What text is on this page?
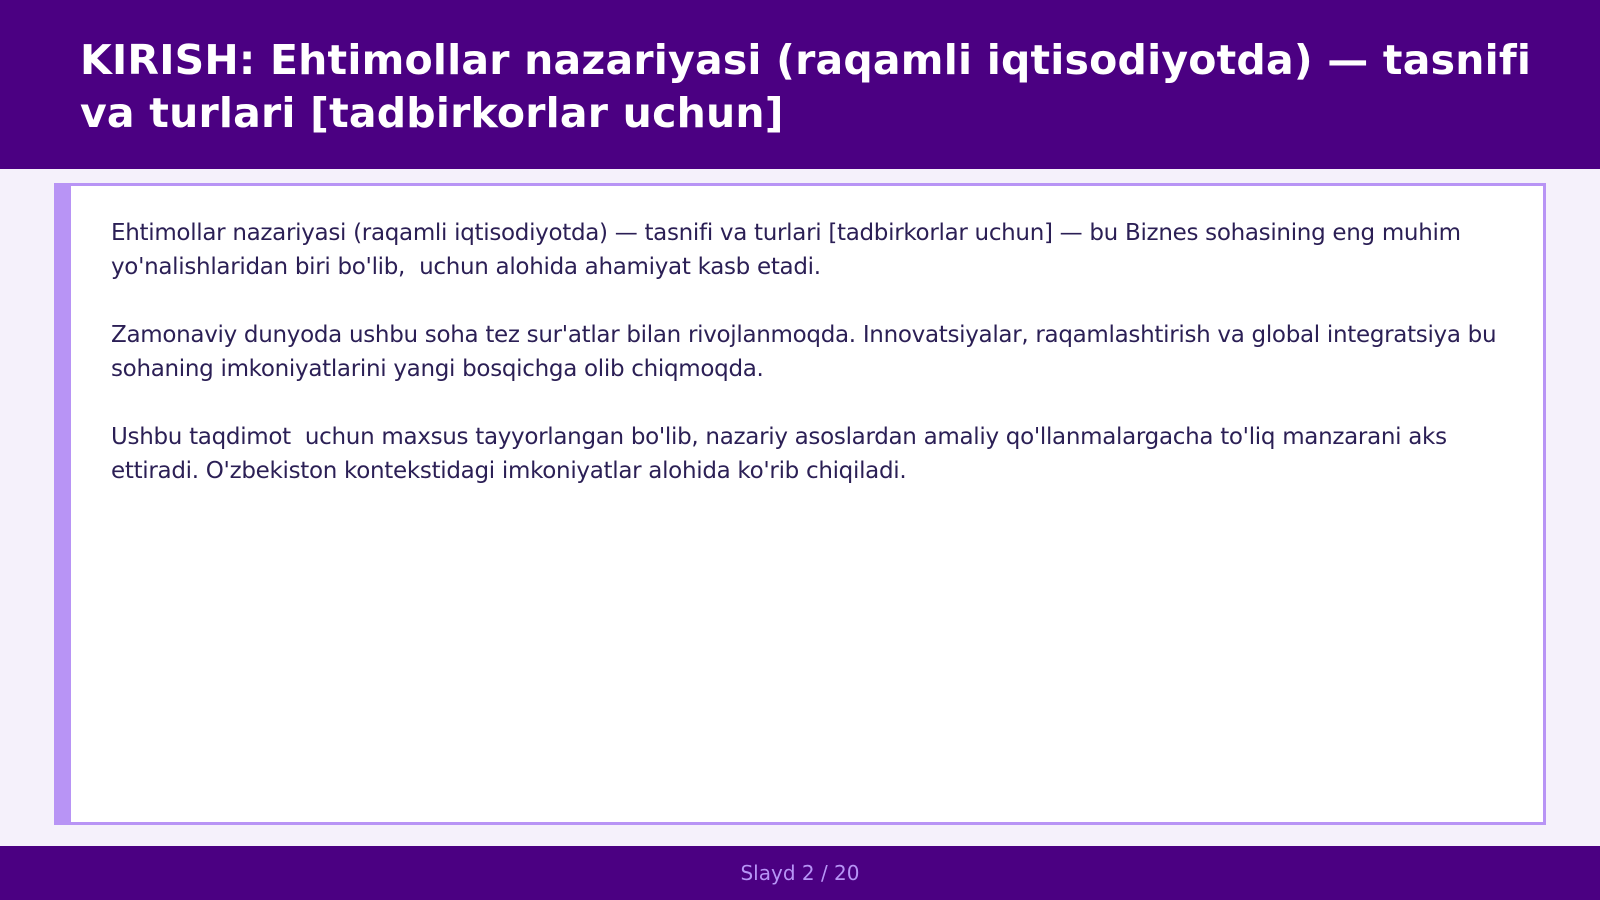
KIRISH: Ehtimollar nazariyasi (raqamli iqtisodiyotda) — tasnifi va turlari [tadbirkorlar uchun]

Ehtimollar nazariyasi (raqamli iqtisodiyotda) — tasnifi va turlari [tadbirkorlar uchun] — bu Biznes sohasining eng muhim yo'nalishlaridan biri bo'lib,  uchun alohida ahamiyat kasb etadi.

Zamonaviy dunyoda ushbu soha tez sur'atlar bilan rivojlanmoqda. Innovatsiyalar, raqamlashtirish va global integratsiya bu sohaning imkoniyatlarini yangi bosqichga olib chiqmoqda.

Ushbu taqdimot  uchun maxsus tayyorlangan bo'lib, nazariy asoslardan amaliy qo'llanmalargacha to'liq manzarani aks ettiradi. O'zbekiston kontekstidagi imkoniyatlar alohida ko'rib chiqiladi.

Slayd 2 / 20
